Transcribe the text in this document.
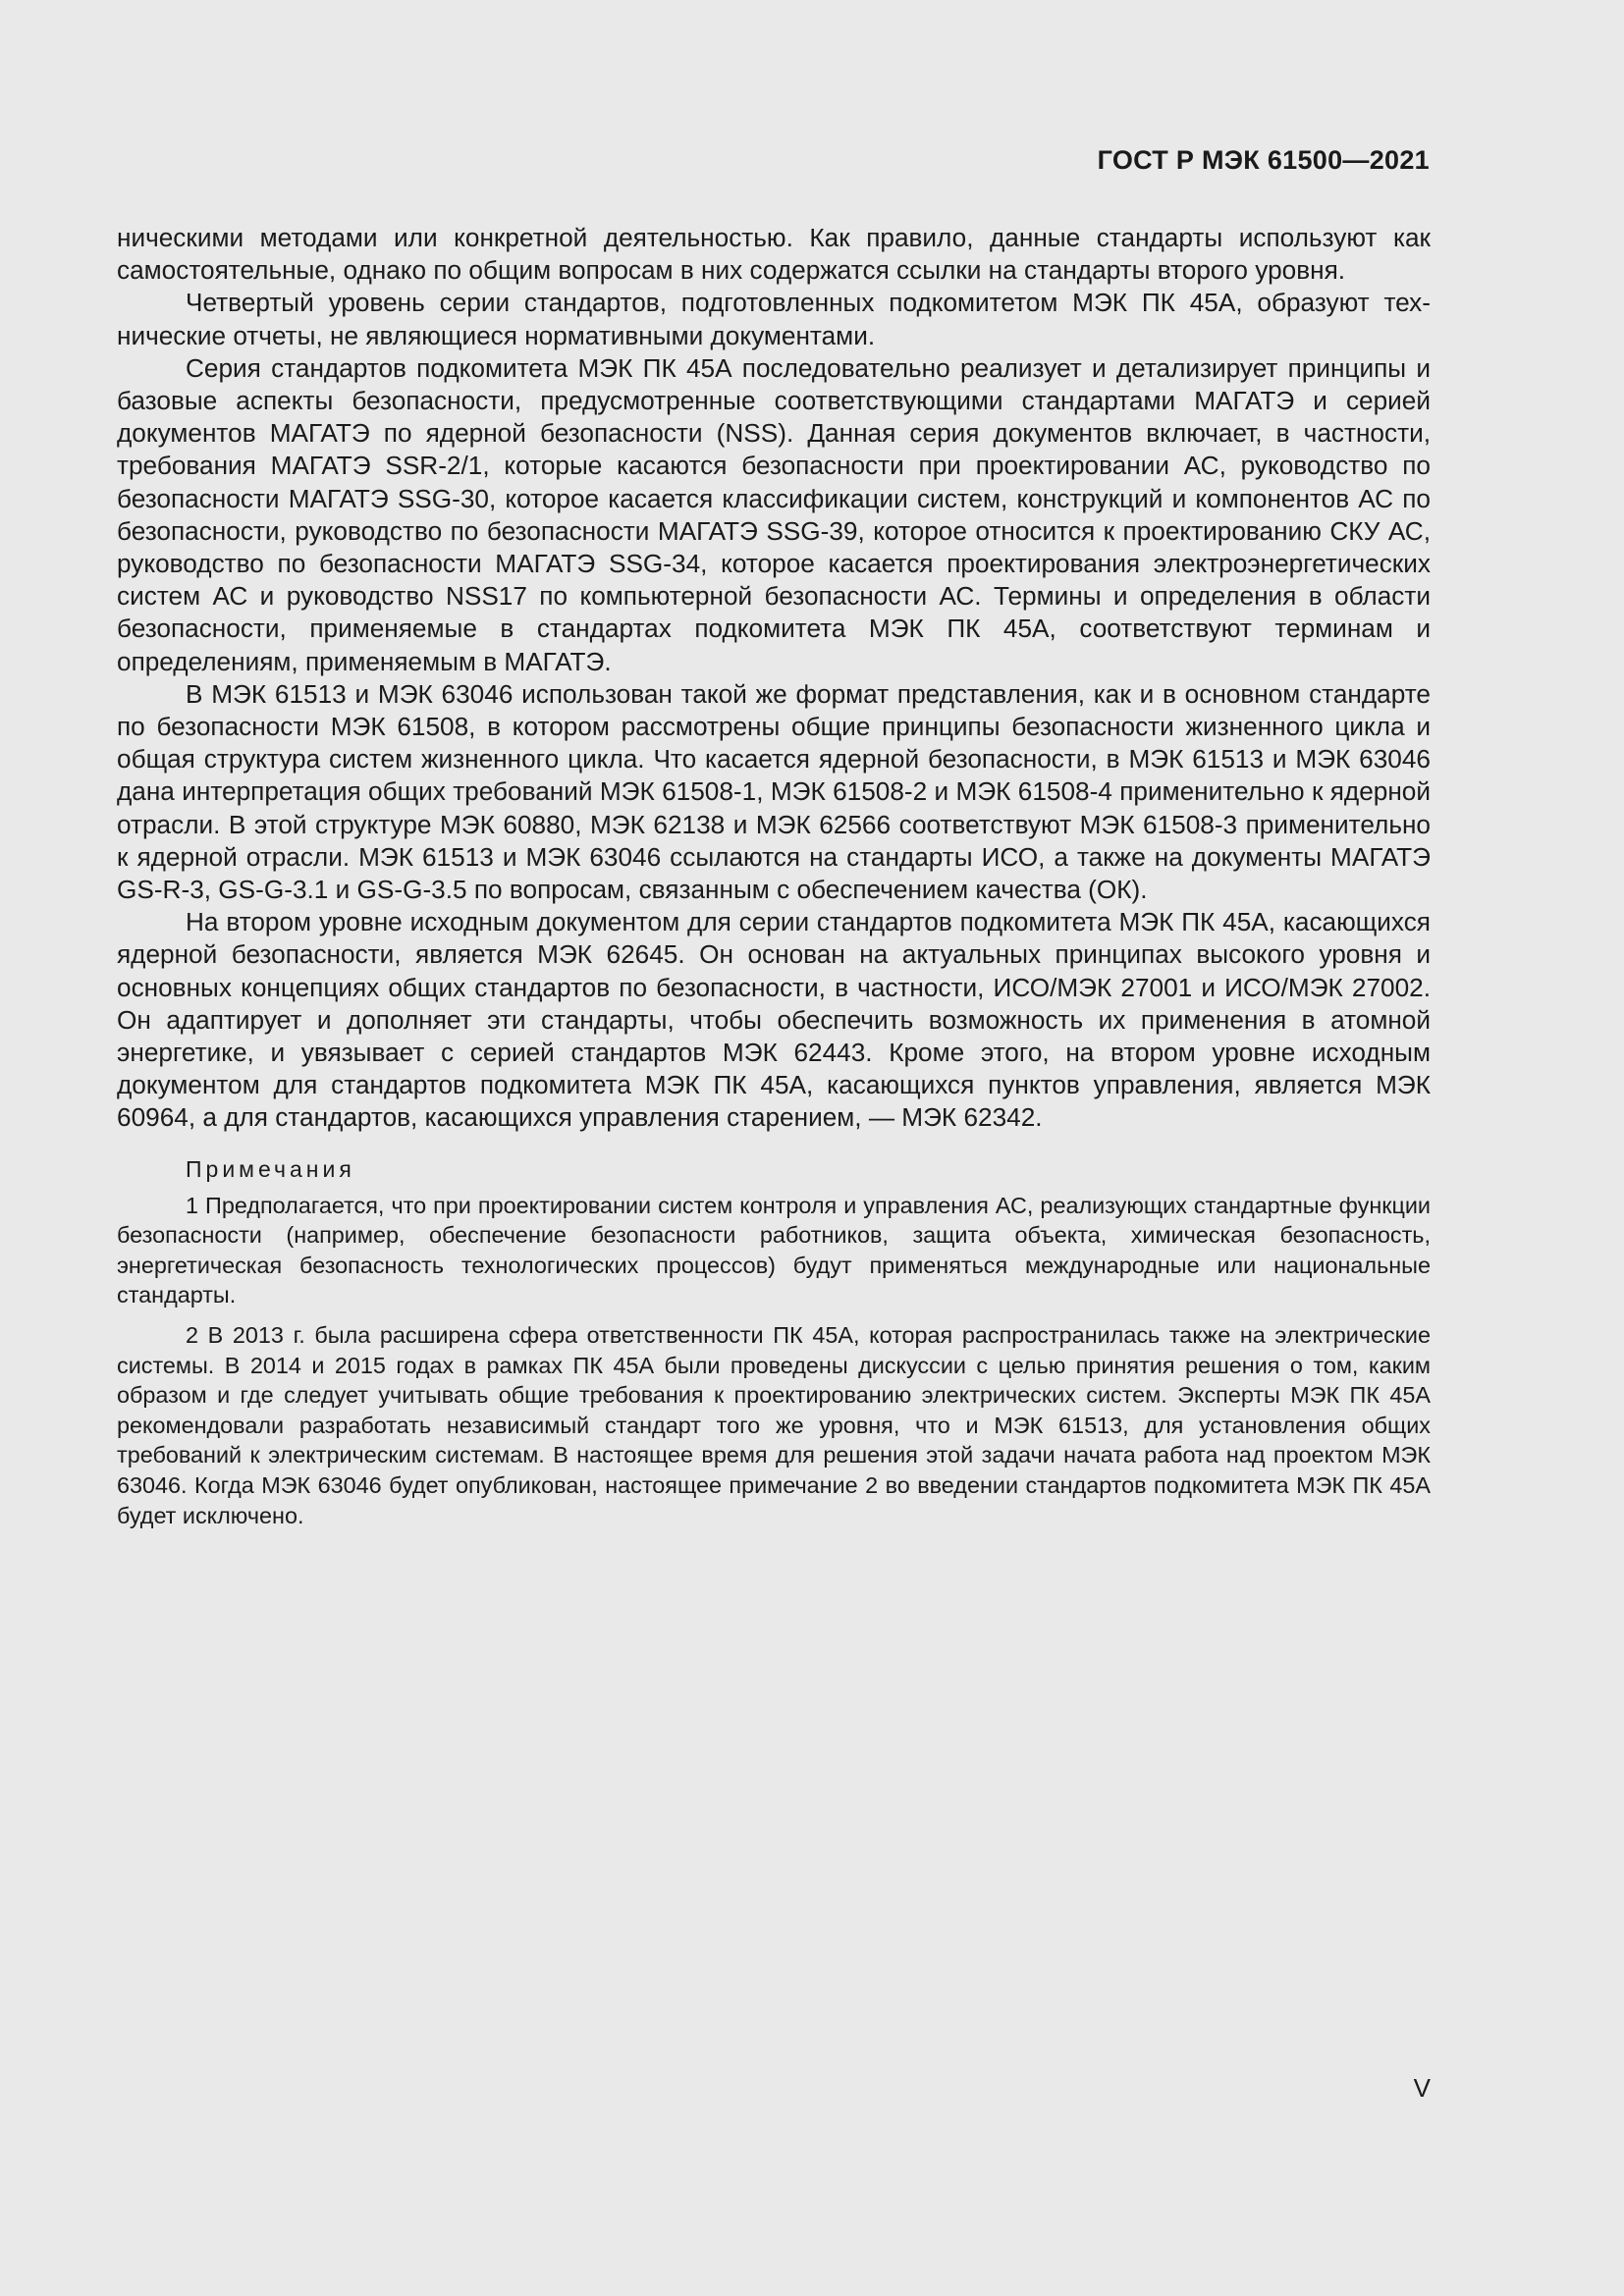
ГОСТ Р МЭК 61500—2021

ническими методами или конкретной деятельностью. Как правило, данные стандарты используют как самостоятельные, однако по общим вопросам в них содержатся ссылки на стандарты второго уровня.

Четвертый уровень серии стандартов, подготовленных подкомитетом МЭК ПК 45А, образуют технические отчеты, не являющиеся нормативными документами.

Серия стандартов подкомитета МЭК ПК 45А последовательно реализует и детализирует принципы и базовые аспекты безопасности, предусмотренные соответствующими стандартами МАГАТЭ и серией документов МАГАТЭ по ядерной безопасности (NSS). Данная серия документов включает, в частности, требования МАГАТЭ SSR-2/1, которые касаются безопасности при проектировании АС, руководство по безопасности МАГАТЭ SSG-30, которое касается классификации систем, конструкций и компонентов АС по безопасности, руководство по безопасности МАГАТЭ SSG-39, которое относится к проектированию СКУ АС, руководство по безопасности МАГАТЭ SSG-34, которое касается проектирования электроэнергетических систем АС и руководство NSS17 по компьютерной безопасности АС. Термины и определения в области безопасности, применяемые в стандартах подкомитета МЭК ПК 45А, соответствуют терминам и определениям, применяемым в МАГАТЭ.

В МЭК 61513 и МЭК 63046 использован такой же формат представления, как и в основном стандарте по безопасности МЭК 61508, в котором рассмотрены общие принципы безопасности жизненного цикла и общая структура систем жизненного цикла. Что касается ядерной безопасности, в МЭК 61513 и МЭК 63046 дана интерпретация общих требований МЭК 61508-1, МЭК 61508-2 и МЭК 61508-4 применительно к ядерной отрасли. В этой структуре МЭК 60880, МЭК 62138 и МЭК 62566 соответствуют МЭК 61508-3 применительно к ядерной отрасли. МЭК 61513 и МЭК 63046 ссылаются на стандарты ИСО, а также на документы МАГАТЭ GS-R-3, GS-G-3.1 и GS-G-3.5 по вопросам, связанным с обеспечением качества (ОК).

На втором уровне исходным документом для серии стандартов подкомитета МЭК ПК 45А, касающихся ядерной безопасности, является МЭК 62645. Он основан на актуальных принципах высокого уровня и основных концепциях общих стандартов по безопасности, в частности, ИСО/МЭК 27001 и ИСО/МЭК 27002. Он адаптирует и дополняет эти стандарты, чтобы обеспечить возможность их применения в атомной энергетике, и увязывает с серией стандартов МЭК 62443. Кроме этого, на втором уровне исходным документом для стандартов подкомитета МЭК ПК 45А, касающихся пунктов управления, является МЭК 60964, а для стандартов, касающихся управления старением, — МЭК 62342.

Примечания

1 Предполагается, что при проектировании систем контроля и управления АС, реализующих стандартные функции безопасности (например, обеспечение безопасности работников, защита объекта, химическая безопасность, энергетическая безопасность технологических процессов) будут применяться международные или национальные стандарты.

2 В 2013 г. была расширена сфера ответственности ПК 45А, которая распространилась также на электрические системы. В 2014 и 2015 годах в рамках ПК 45А были проведены дискуссии с целью принятия решения о том, каким образом и где следует учитывать общие требования к проектированию электрических систем. Эксперты МЭК ПК 45А рекомендовали разработать независимый стандарт того же уровня, что и МЭК 61513, для установления общих требований к электрическим системам. В настоящее время для решения этой задачи начата работа над проектом МЭК 63046. Когда МЭК 63046 будет опубликован, настоящее примечание 2 во введении стандартов подкомитета МЭК ПК 45А будет исключено.

V
